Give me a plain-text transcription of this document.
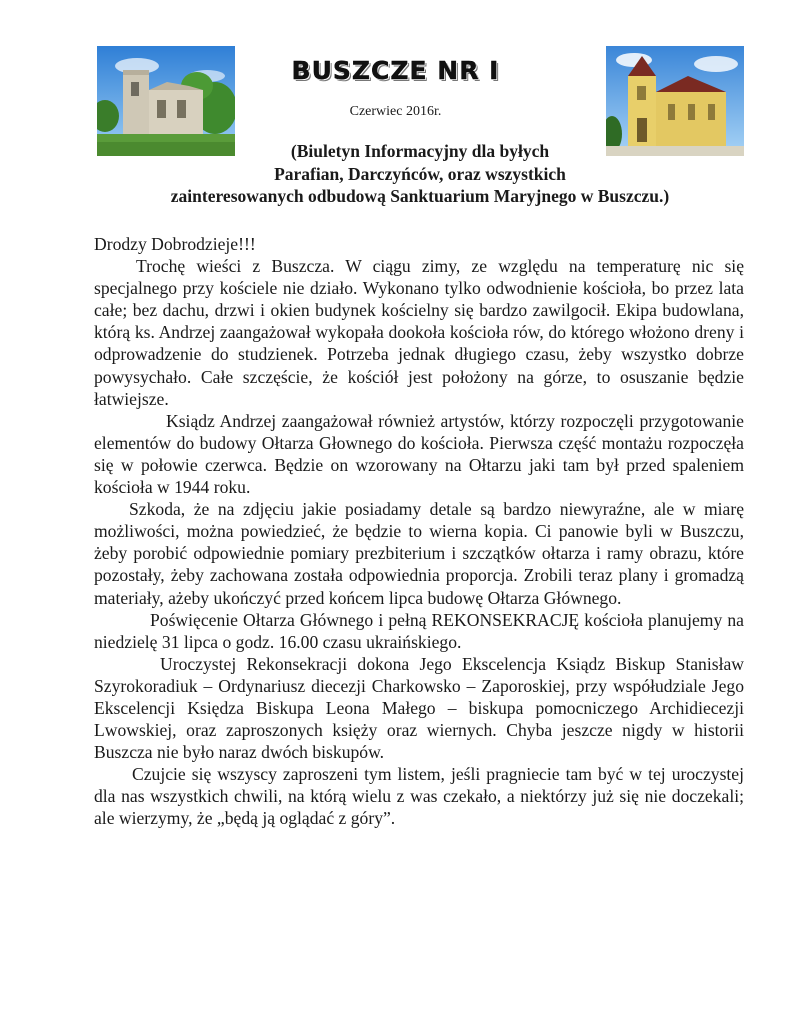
BUSZCZE NR I
Czerwiec 2016r.
(Biuletyn Informacyjny dla byłych
Parafian, Darczyńców, oraz wszystkich
zainteresowanych odbudową Sanktuarium Maryjnego w Buszczu.)

Drodzy Dobrodzieje!!!

Trochę wieści z Buszcza. W ciągu zimy, ze względu na temperaturę nic się specjalnego przy kościele nie działo. Wykonano tylko odwodnienie kościoła, bo przez lata całe; bez dachu, drzwi i okien budynek kościelny się bardzo zawilgocił. Ekipa budowlana, którą ks. Andrzej zaangażował wykopała dookoła kościoła rów, do którego włożono dreny i odprowadzenie do studzienek. Potrzeba jednak długiego czasu, żeby wszystko dobrze powysychało. Całe szczęście, że kościół jest położony na górze, to osuszanie będzie łatwiejsze.

Ksiądz Andrzej zaangażował również artystów, którzy rozpoczęli przygotowanie elementów do budowy Ołtarza Głownego do kościoła. Pierwsza część montażu rozpoczęła się w połowie czerwca. Będzie on wzorowany na Ołtarzu jaki tam był przed spaleniem kościoła w 1944 roku.

Szkoda, że na zdjęciu jakie posiadamy detale są bardzo niewyraźne, ale w miarę możliwości, można powiedzieć, że będzie to wierna kopia. Ci panowie byli w Buszczu, żeby porobić odpowiednie pomiary prezbiterium i szczątków ołtarza i ramy obrazu, które pozostały, żeby zachowana została odpowiednia proporcja. Zrobili teraz plany i gromadzą materiały, ażeby ukończyć przed końcem lipca budowę Ołtarza Głównego.

Poświęcenie Ołtarza Głównego i pełną REKONSEKRACJĘ kościoła planujemy na niedzielę 31 lipca o godz. 16.00 czasu ukraińskiego.

Uroczystej Rekonsekracji dokona Jego Ekscelencja Ksiądz Biskup Stanisław Szyrokoradiuk – Ordynariusz diecezji Charkowsko – Zaporoskiej, przy współudziale Jego Ekscelencji Księdza Biskupa Leona Małego – biskupa pomocniczego Archidiecezji Lwowskiej, oraz zaproszonych księży oraz wiernych. Chyba jeszcze nigdy w historii Buszcza nie było naraz dwóch biskupów.

Czujcie się wszyscy zaproszeni tym listem, jeśli pragniecie tam być w tej uroczystej dla nas wszystkich chwili, na którą wielu z was czekało, a niektórzy już się nie doczekali; ale wierzymy, że „będą ją oglądać z góry”.
